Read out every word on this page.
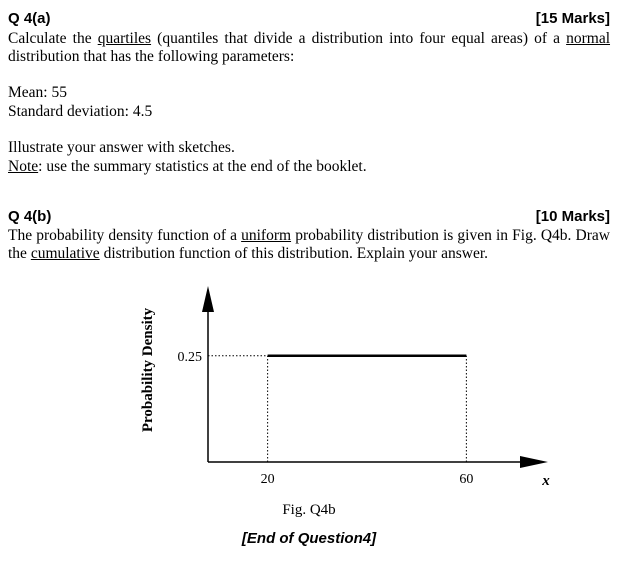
Q 4(a)	[15 Marks]

Calculate the quartiles (quantiles that divide a distribution into four equal areas) of a normal distribution that has the following parameters:

Mean: 55

Standard deviation: 4.5

Illustrate your answer with sketches.

Note: use the summary statistics at the end of the booklet.

Q 4(b)	[10 Marks]

The probability density function of a uniform probability distribution is given in Fig. Q4b. Draw the cumulative distribution function of this distribution. Explain your answer.

Probability Density
x
20	60
0.25
Fig. Q4b
[End of Question4]
